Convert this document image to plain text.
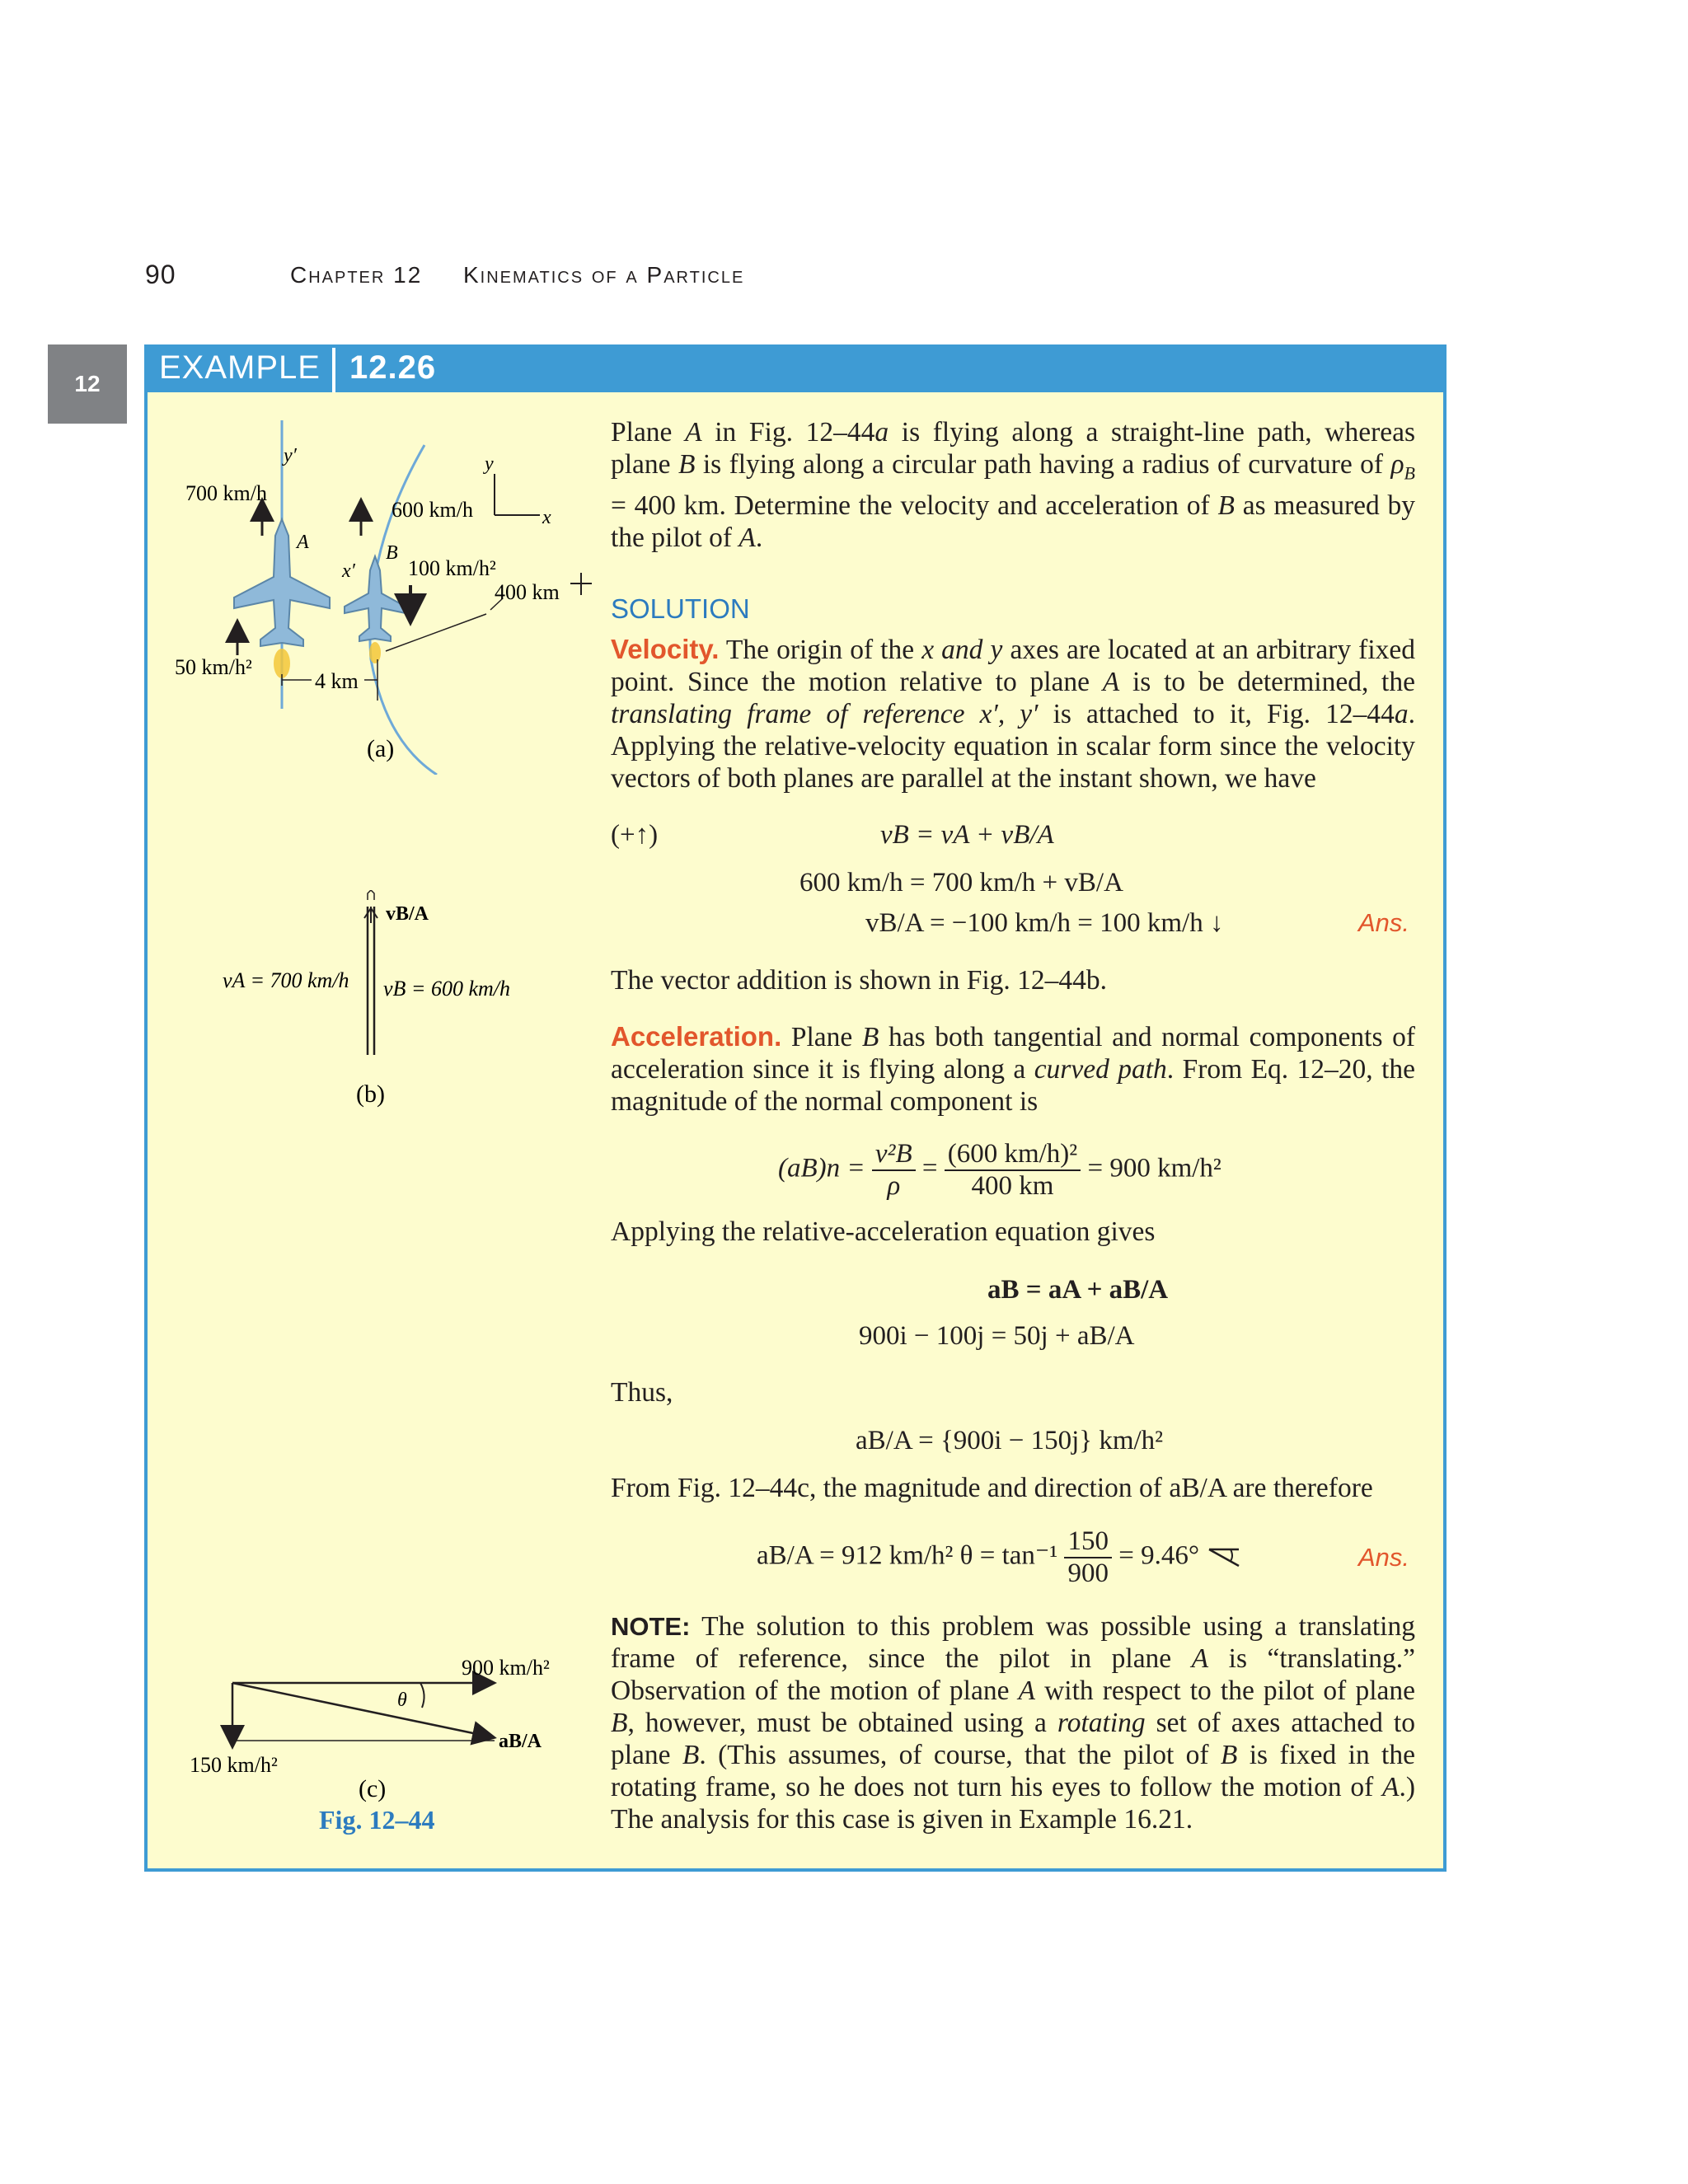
90	Chapter 12 Kinematics of a Particle
12	EXAMPLE 12.26
Plane A in Fig. 12–44a is flying along a straight-line path, whereas plane B is flying along a circular path having a radius of curvature of $\rho_B = 400$ km. Determine the velocity and acceleration of B as measured by the pilot of A.
SOLUTION
Velocity. The origin of the x and y axes are located at an arbitrary fixed point. Since the motion relative to plane A is to be determined, the translating frame of reference x′, y′ is attached to it, Fig. 12–44a. Applying the relative-velocity equation in scalar form since the velocity vectors of both planes are parallel at the instant shown, we have
(+↑)	vB = vA + vB/A
600 km/h = 700 km/h + vB/A
vB/A = −100 km/h = 100 km/h ↓	Ans.
The vector addition is shown in Fig. 12–44b.
Acceleration. Plane B has both tangential and normal components of acceleration since it is flying along a curved path. From Eq. 12–20, the magnitude of the normal component is
$(aB)n = \frac{\text{v²B}}{\rho} = \frac{\text{(600 km/h)²}}{400 km} = 900$ km/h²
Applying the relative-acceleration equation gives
aB = aA + aB/A
900i − 100j = 50j + aB/A
Thus,
aB/A = {900i − 150j} km/h²
From Fig. 12–44c, the magnitude and direction of aB/A are therefore
aB/A = 912 km/h² $\theta = \tan^{-1} \frac{150}{900} = 9.46^\circ$	Ans.
NOTE: The solution to this problem was possible using a translating frame of reference, since the pilot in plane A is “translating.” Observation of the motion of plane A with respect to the pilot of plane B, however, must be obtained using a rotating set of axes attached to plane B. (This assumes, of course, that the pilot of B is fixed in the rotating frame, so he does not turn his eyes to follow the motion of A.) The analysis for this case is given in Example 16.21.
700 km/h
600 km/h
100 km/h²
400 km
50 km/h²
4 km
y′	y
x
x′
A	B
(a)
vB/A
vA = 700 km/h vB = 600 km/h
(b)
900 km/h²
150 km/h²
θ
aB/A
(c)
Fig. 12–44
